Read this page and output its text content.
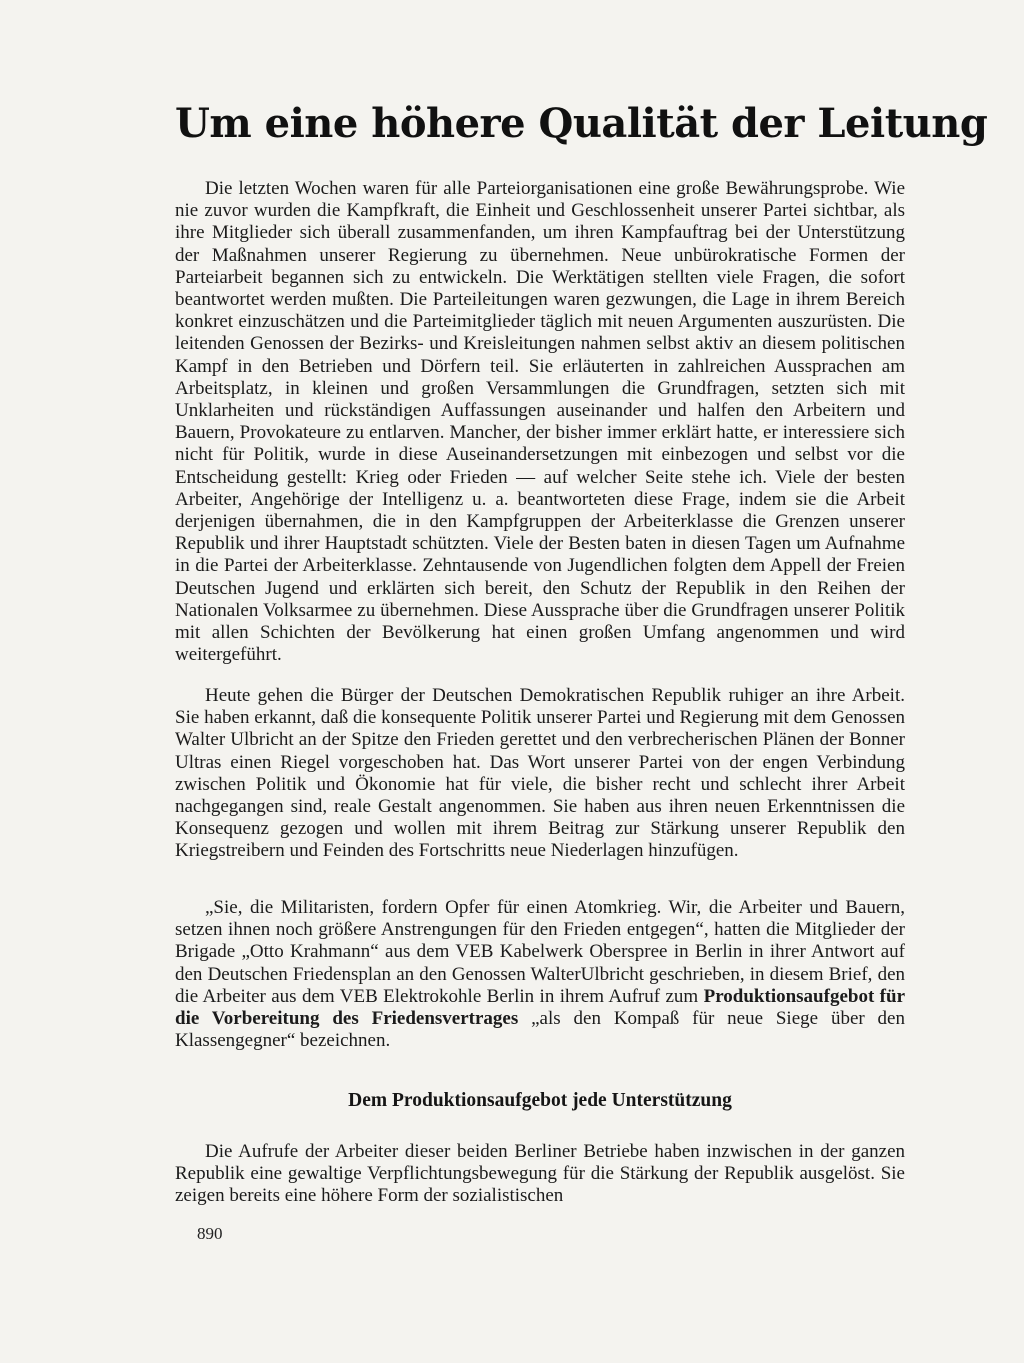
Um eine höhere Qualität der Leitung

Die letzten Wochen waren für alle Parteiorganisationen eine große Bewährungsprobe. Wie nie zuvor wurden die Kampfkraft, die Einheit und Geschlossenheit unserer Partei sichtbar, als ihre Mitglieder sich überall zusammenfanden, um ihren Kampfauftrag bei der Unterstützung der Maßnahmen unserer Regierung zu übernehmen. Neue unbürokratische Formen der Parteiarbeit begannen sich zu entwickeln. Die Werktätigen stellten viele Fragen, die sofort beantwortet werden mußten. Die Parteileitungen waren gezwungen, die Lage in ihrem Bereich konkret einzuschätzen und die Parteimitglieder täglich mit neuen Argumenten auszurüsten. Die leitenden Genossen der Bezirks- und Kreisleitungen nahmen selbst aktiv an diesem politischen Kampf in den Betrieben und Dörfern teil. Sie erläuterten in zahlreichen Aussprachen am Arbeitsplatz, in kleinen und großen Versammlungen die Grundfragen, setzten sich mit Unklarheiten und rückständigen Auffassungen auseinander und halfen den Arbeitern und Bauern, Provokateure zu entlarven. Mancher, der bisher immer erklärt hatte, er interessiere sich nicht für Politik, wurde in diese Auseinandersetzungen mit einbezogen und selbst vor die Entscheidung gestellt: Krieg oder Frieden — auf welcher Seite stehe ich. Viele der besten Arbeiter, Angehörige der Intelligenz u. a. beantworteten diese Frage, indem sie die Arbeit derjenigen übernahmen, die in den Kampfgruppen der Arbeiterklasse die Grenzen unserer Republik und ihrer Hauptstadt schützten. Viele der Besten baten in diesen Tagen um Aufnahme in die Partei der Arbeiterklasse. Zehntausende von Jugendlichen folgten dem Appell der Freien Deutschen Jugend und erklärten sich bereit, den Schutz der Republik in den Reihen der Nationalen Volksarmee zu übernehmen. Diese Aussprache über die Grundfragen unserer Politik mit allen Schichten der Bevölkerung hat einen großen Umfang angenommen und wird weitergeführt.

Heute gehen die Bürger der Deutschen Demokratischen Republik ruhiger an ihre Arbeit. Sie haben erkannt, daß die konsequente Politik unserer Partei und Regierung mit dem Genossen Walter Ulbricht an der Spitze den Frieden gerettet und den verbrecherischen Plänen der Bonner Ultras einen Riegel vorgeschoben hat. Das Wort unserer Partei von der engen Verbindung zwischen Politik und Ökonomie hat für viele, die bisher recht und schlecht ihrer Arbeit nachgegangen sind, reale Gestalt angenommen. Sie haben aus ihren neuen Erkenntnissen die Konsequenz gezogen und wollen mit ihrem Beitrag zur Stärkung unserer Republik den Kriegstreibern und Feinden des Fortschritts neue Niederlagen hinzufügen.

„Sie, die Militaristen, fordern Opfer für einen Atomkrieg. Wir, die Arbeiter und Bauern, setzen ihnen noch größere Anstrengungen für den Frieden entgegen“, hatten die Mitglieder der Brigade „Otto Krahmann“ aus dem VEB Kabelwerk Oberspree in Berlin in ihrer Antwort auf den Deutschen Friedensplan an den Genossen WalterUlbricht geschrieben, in diesem Brief, den die Arbeiter aus dem VEB Elektrokohle Berlin in ihrem Aufruf zum Produktionsaufgebot für die Vorbereitung des Friedensvertrages „als den Kompaß für neue Siege über den Klassengegner“ bezeichnen.

Dem Produktionsaufgebot jede Unterstützung

Die Aufrufe der Arbeiter dieser beiden Berliner Betriebe haben inzwischen in der ganzen Republik eine gewaltige Verpflichtungsbewegung für die Stärkung der Republik ausgelöst. Sie zeigen bereits eine höhere Form der sozialistischen

890
